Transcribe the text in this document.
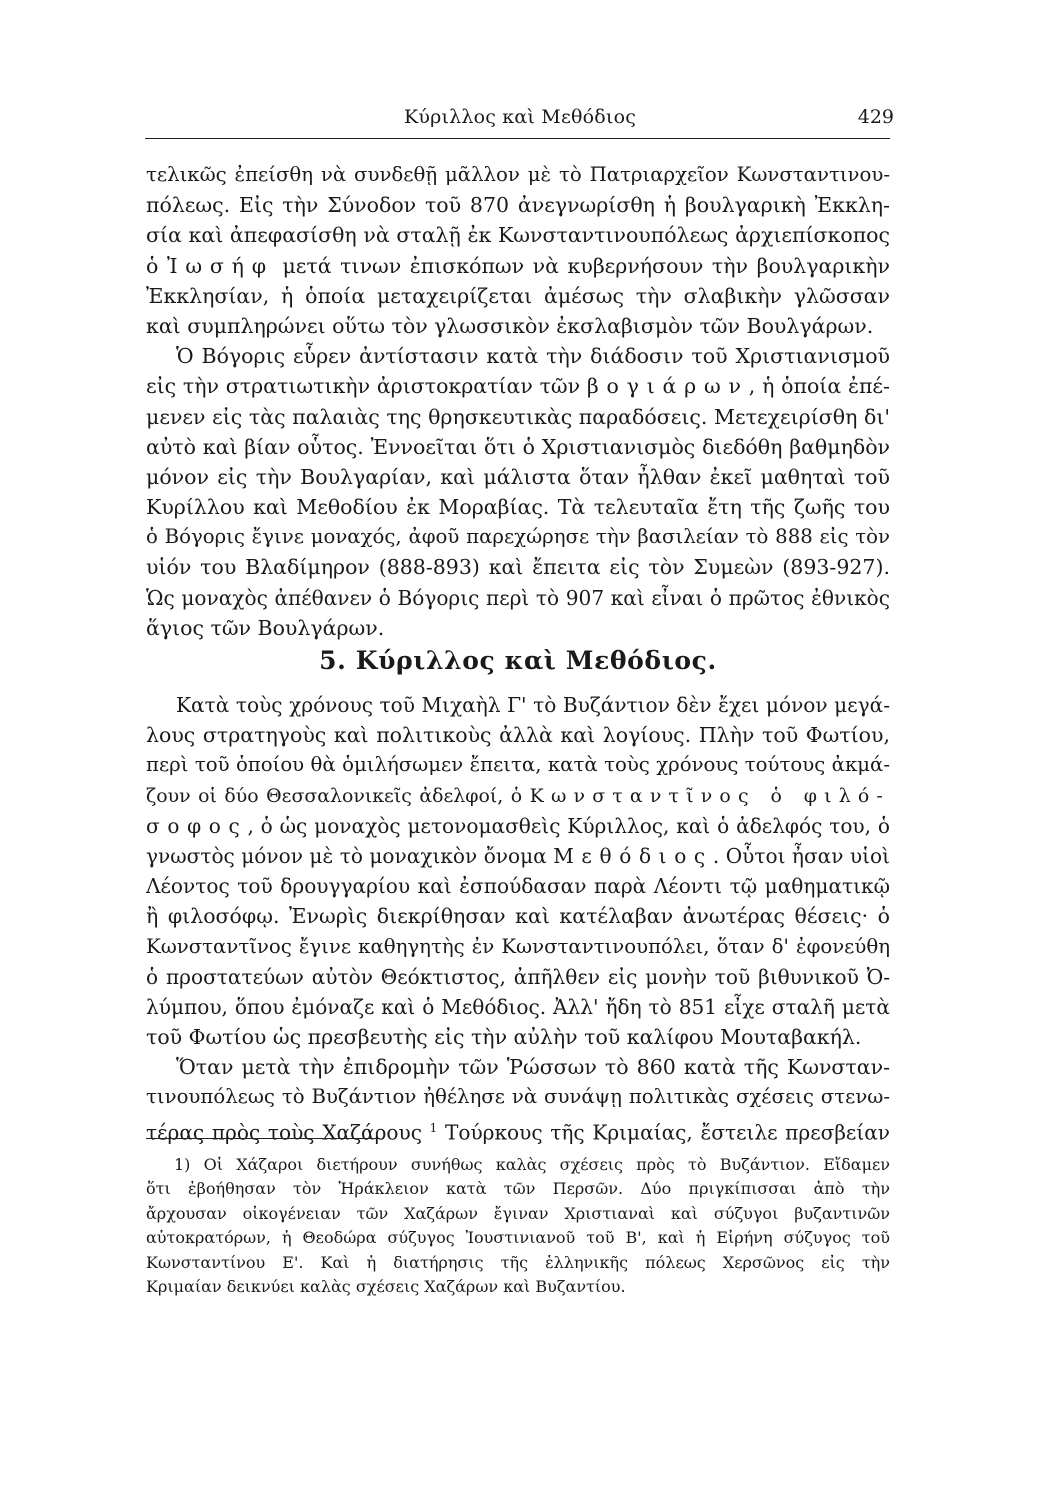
Κύριλλος καὶ Μεθόδιος	429
τελικῶς ἐπείσθη νὰ συνδεθῇ μᾶλλον μὲ τὸ Πατριαρχεῖον Κωνσταντινου-
πόλεως. Εἰς τὴν Σύνοδον τοῦ 870 ἀνεγνωρίσθη ἡ βουλγαρικὴ Ἐκκλη-
σία καὶ ἀπεφασίσθη νὰ σταλῇ ἐκ Κωνσταντινουπόλεως ἀρχιεπίσκοπος
ὁ Ἰωσήφ μετά τινων ἐπισκόπων νὰ κυβερνήσουν τὴν βουλγαρικὴν
Ἐκκλησίαν, ἡ ὁποία μεταχειρίζεται ἀμέσως τὴν σλαβικὴν γλῶσσαν
καὶ συμπληρώνει οὕτω τὸν γλωσσικὸν ἐκσλαβισμὸν τῶν Βουλγάρων.
Ὁ Βόγορις εὗρεν ἀντίστασιν κατὰ τὴν διάδοσιν τοῦ Χριστιανισμοῦ
εἰς τὴν στρατιωτικὴν ἀριστοκρατίαν τῶν βογιάρων, ἡ ὁποία ἐπέ-
μενεν εἰς τὰς παλαιὰς της θρησκευτικὰς παραδόσεις. Μετεχειρίσθη δι'
αὐτὸ καὶ βίαν οὗτος. Ἐννοεῖται ὅτι ὁ Χριστιανισμὸς διεδόθη βαθμηδὸν
μόνον εἰς τὴν Βουλγαρίαν, καὶ μάλιστα ὅταν ἦλθαν ἐκεῖ μαθηταὶ τοῦ
Κυρίλλου καὶ Μεθοδίου ἐκ Μοραβίας. Τὰ τελευταῖα ἔτη τῆς ζωῆς του
ὁ Βόγορις ἔγινε μοναχός, ἀφοῦ παρεχώρησε τὴν βασιλείαν τὸ 888 εἰς τὸν
υἱόν του Βλαδίμηρον (888-893) καὶ ἔπειτα εἰς τὸν Συμεὼν (893-927).
Ὡς μοναχὸς ἀπέθανεν ὁ Βόγορις περὶ τὸ 907 καὶ εἶναι ὁ πρῶτος ἐθνικὸς
ἅγιος τῶν Βουλγάρων.
5. Κύριλλος καὶ Μεθόδιος.
Κατὰ τοὺς χρόνους τοῦ Μιχαὴλ Γ' τὸ Βυζάντιον δὲν ἔχει μόνον μεγά-
λους στρατηγοὺς καὶ πολιτικοὺς ἀλλὰ καὶ λογίους. Πλὴν τοῦ Φωτίου,
περὶ τοῦ ὁποίου θὰ ὁμιλήσωμεν ἔπειτα, κατὰ τοὺς χρόνους τούτους ἀκμά-
ζουν οἱ δύο Θεσσαλονικεῖς ἀδελφοί, ὁ Κωνσταντῖνος ὁ φιλό-
σοφος, ὁ ὡς μοναχὸς μετονομασθεὶς Κύριλλος, καὶ ὁ ἀδελφός του, ὁ
γνωστὸς μόνον μὲ τὸ μοναχικὸν ὄνομα Μεθόδιος. Οὗτοι ἦσαν υἱοὶ
Λέοντος τοῦ δρουγγαρίου καὶ ἐσπούδασαν παρὰ Λέοντι τῷ μαθηματικῷ
ἢ φιλοσόφῳ. Ἐνωρὶς διεκρίθησαν καὶ κατέλαβαν ἀνωτέρας θέσεις· ὁ
Κωνσταντῖνος ἔγινε καθηγητὴς ἐν Κωνσταντινουπόλει, ὅταν δ' ἐφονεύθη
ὁ προστατεύων αὐτὸν Θεόκτιστος, ἀπῆλθεν εἰς μονὴν τοῦ βιθυνικοῦ Ὀ-
λύμπου, ὅπου ἐμόναζε καὶ ὁ Μεθόδιος. Ἀλλ' ἤδη τὸ 851 εἶχε σταλῆ μετὰ
τοῦ Φωτίου ὡς πρεσβευτὴς εἰς τὴν αὐλὴν τοῦ καλίφου Μουταβακήλ.
Ὅταν μετὰ τὴν ἐπιδρομὴν τῶν Ῥώσσων τὸ 860 κατὰ τῆς Κωνσταν-
τινουπόλεως τὸ Βυζάντιον ἠθέλησε νὰ συνάψῃ πολιτικὰς σχέσεις στενω-
τέρας πρὸς τοὺς Χαζάρους $^1$ Τούρκους τῆς Κριμαίας, ἔστειλε πρεσβείαν
1) Οἱ Χάζαροι διετήρουν συνήθως καλὰς σχέσεις πρὸς τὸ Βυζάντιον. Εἴδαμεν
ὅτι ἐβοήθησαν τὸν Ἡράκλειον κατὰ τῶν Περσῶν. Δύο πριγκίπισσαι ἀπὸ τὴν
ἄρχουσαν οἰκογένειαν τῶν Χαζάρων ἔγιναν Χριστιαναὶ καὶ σύζυγοι βυζαντινῶν
αὐτοκρατόρων, ἡ Θεοδώρα σύζυγος Ἰουστινιανοῦ τοῦ Β', καὶ ἡ Εἰρήνη σύζυγος τοῦ
Κωνσταντίνου Ε'. Καὶ ἡ διατήρησις τῆς ἑλληνικῆς πόλεως Χερσῶνος εἰς τὴν
Κριμαίαν δεικνύει καλὰς σχέσεις Χαζάρων καὶ Βυζαντίου.
